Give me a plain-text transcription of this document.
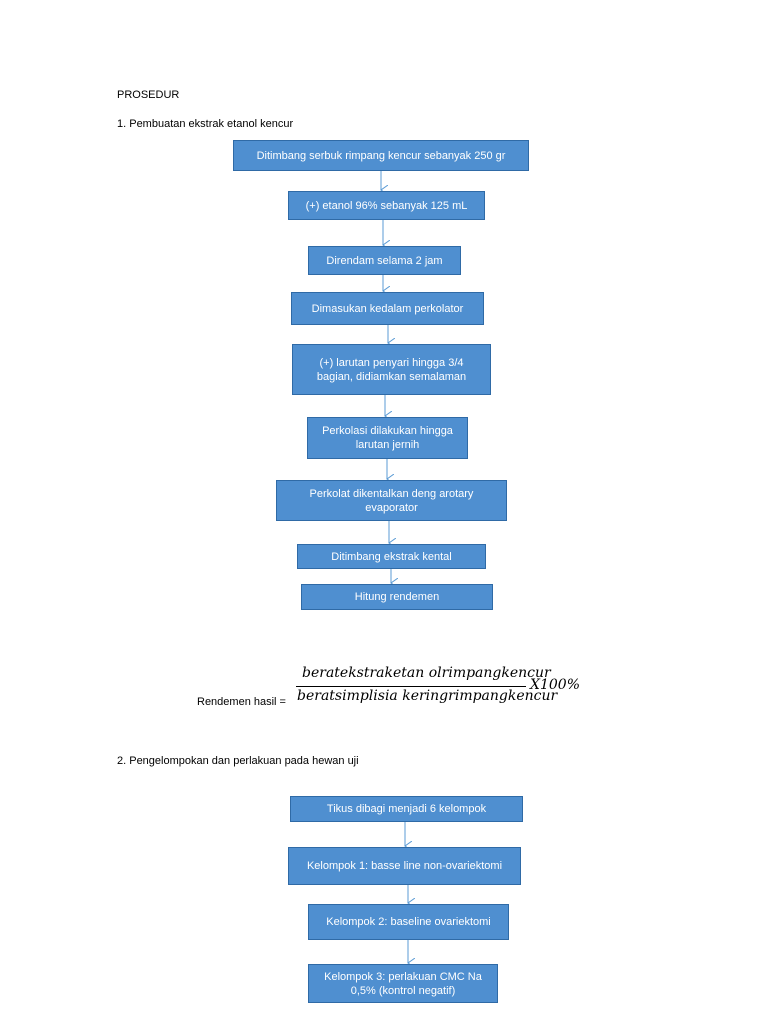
PROSEDUR
1. Pembuatan ekstrak etanol kencur
Ditimbang serbuk rimpang kencur sebanyak 250 gr
(+) etanol 96% sebanyak 125 mL
Direndam selama 2 jam
Dimasukan kedalam perkolator
(+) larutan penyari hingga 3/4
bagian, didiamkan semalaman
Perkolasi dilakukan hingga
larutan jernih
Perkolat dikentalkan deng arotary
evaporator
Ditimbang ekstrak kental
Hitung rendemen
Rendemen hasil =
beratekstraketan olrimpangkencur
beratsimplisia keringrimpangkencur
X100%
2. Pengelompokan dan perlakuan pada hewan uji
Tikus dibagi menjadi 6 kelompok
Kelompok 1: basse line non-ovariektomi
Kelompok 2: baseline ovariektomi
Kelompok 3: perlakuan CMC Na
0,5% (kontrol negatif)
